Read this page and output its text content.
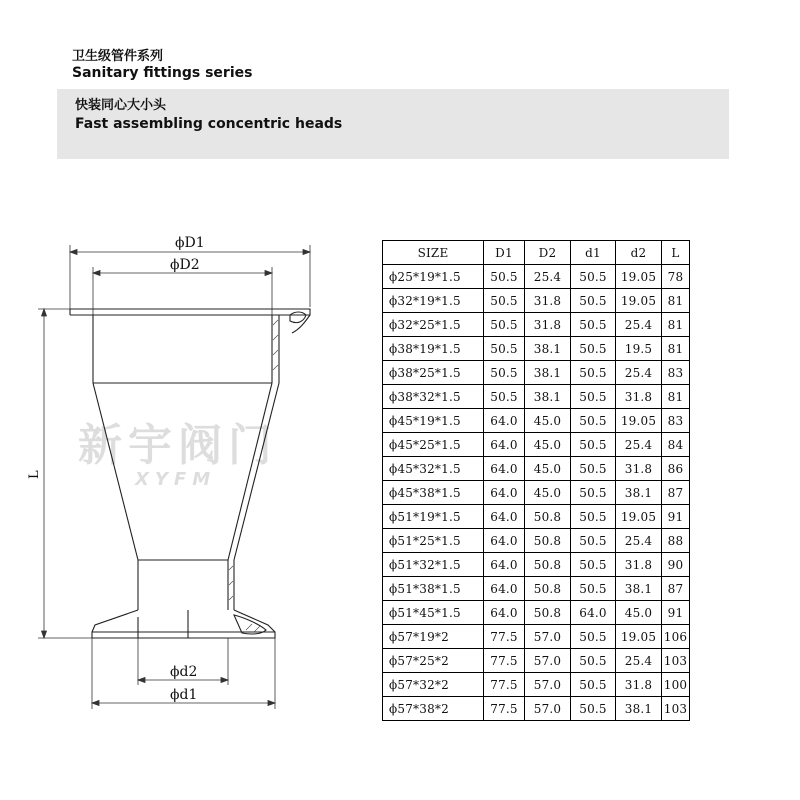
卫生级管件系列
Sanitary fittings series
快装同心大小头
Fast assembling concentric heads
新宇阀门
XYFM
ϕD1
ϕD2
L
ϕd2
ϕd1
SIZE	D1	D2	d1	d2	L
ϕ25*19*1.5	50.5	25.4	50.5	19.05	78
ϕ32*19*1.5	50.5	31.8	50.5	19.05	81
ϕ32*25*1.5	50.5	31.8	50.5	25.4	81
ϕ38*19*1.5	50.5	38.1	50.5	19.5	81
ϕ38*25*1.5	50.5	38.1	50.5	25.4	83
ϕ38*32*1.5	50.5	38.1	50.5	31.8	81
ϕ45*19*1.5	64.0	45.0	50.5	19.05	83
ϕ45*25*1.5	64.0	45.0	50.5	25.4	84
ϕ45*32*1.5	64.0	45.0	50.5	31.8	86
ϕ45*38*1.5	64.0	45.0	50.5	38.1	87
ϕ51*19*1.5	64.0	50.8	50.5	19.05	91
ϕ51*25*1.5	64.0	50.8	50.5	25.4	88
ϕ51*32*1.5	64.0	50.8	50.5	31.8	90
ϕ51*38*1.5	64.0	50.8	50.5	38.1	87
ϕ51*45*1.5	64.0	50.8	64.0	45.0	91
ϕ57*19*2	77.5	57.0	50.5	19.05	106
ϕ57*25*2	77.5	57.0	50.5	25.4	103
ϕ57*32*2	77.5	57.0	50.5	31.8	100
ϕ57*38*2	77.5	57.0	50.5	38.1	103
